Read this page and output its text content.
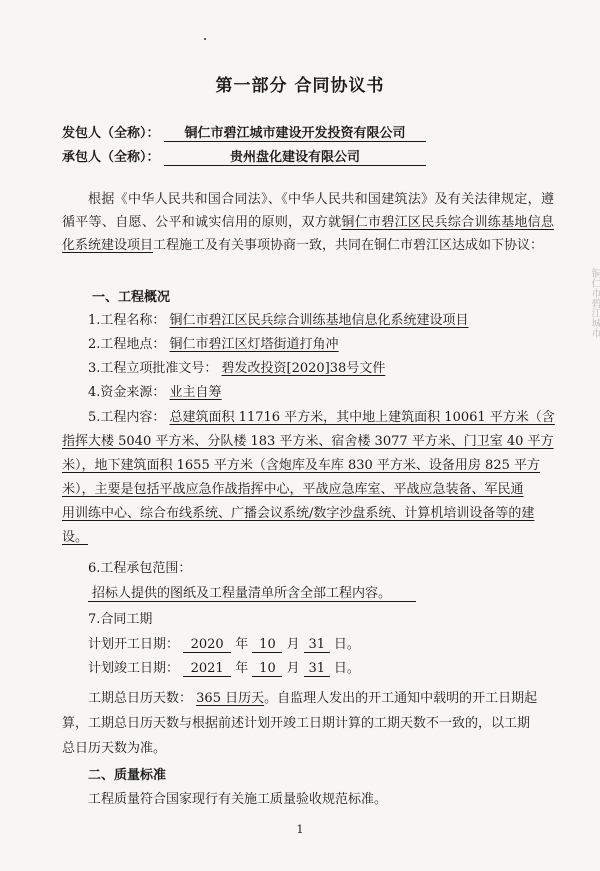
第一部分 合同协议书
发包人（全称）： 铜仁市碧江城市建设开发投资有限公司
承包人（全称）：	贵州盘化建设有限公司
根据《中华人民共和国合同法》、《中华人民共和国建筑法》及有关法律规定，遵循平等、自愿、公平和诚实信用的原则，双方就铜仁市碧江区民兵综合训练基地信息化系统建设项目工程施工及有关事项协商一致，共同在铜仁市碧江区达成如下协议：
一、工程概况
1.工程名称： 铜仁市碧江区民兵综合训练基地信息化系统建设项目
2.工程地点： 铜仁市碧江区灯塔街道打角冲
3.工程立项批准文号： 碧发改投资[2020]38号文件
4.资金来源： 业主自筹
5.工程内容： 总建筑面积 11716 平方米，其中地上建筑面积 10061 平方米（含
指挥大楼 5040 平方米、分队楼 183 平方米、宿舍楼 3077 平方米、门卫室 40 平方
米），地下建筑面积 1655 平方米（含炮库及车库 830 平方米、设备用房 825 平方
米），主要是包括平战应急作战指挥中心，平战应急库室、平战应急装备、军民通
用训练中心、综合布线系统、广播会议系统/数字沙盘系统、计算机培训设备等的建
设。
6.工程承包范围：
招标人提供的图纸及工程量清单所含全部工程内容。
7.合同工期
计划开工日期： 2020 年 10 月 31 日。
计划竣工日期： 2021 年 10 月 31 日。
工期总日历天数： 365 日历天。自监理人发出的开工通知中载明的开工日期起
算，工期总日历天数与根据前述计划开竣工日期计算的工期天数不一致的，以工期
总日历天数为准。
二、质量标准
工程质量符合国家现行有关施工质量验收规范标准。
1
铜仁市碧江城市
